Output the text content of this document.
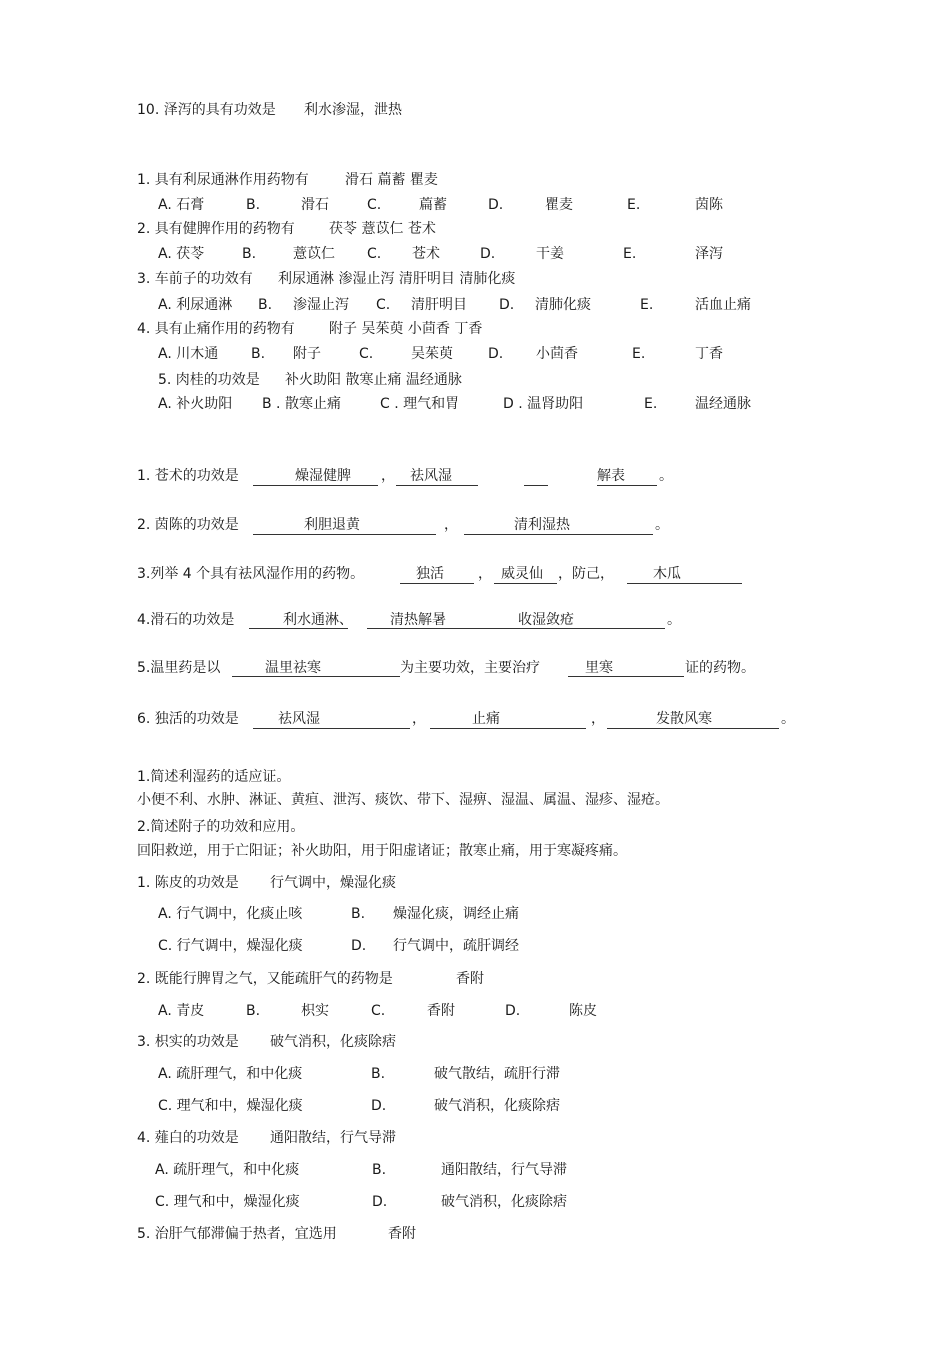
10. 泽泻的具有功效是 利水渗湿，泄热
1. 具有利尿通淋作用药物有	滑石 萹蓄 瞿麦
A. 石膏	B.	滑石	C.	萹蓄	D.	瞿麦	E.	茵陈
2. 具有健脾作用的药物有 茯苓 薏苡仁 苍术
A. 茯苓	B.	薏苡仁 C. 苍术	D.	干姜	E.	泽泻
3. 车前子的功效有 利尿通淋 渗湿止泻 清肝明目 清肺化痰
A. 利尿通淋 B. 渗湿止泻 C. 清肝明目 D. 清肺化痰	E.	活血止痛
4. 具有止痛作用的药物有 附子 吴茱萸 小茴香 丁香
A. 川木通 B. 附子	C.	吴茱萸	D. 小茴香	E.	丁香
5. 肉桂的功效是 补火助阳 散寒止痛 温经通脉
A. 补火助阳 B . 散寒止痛	C . 理气和胃	D . 温肾助阳	E.	温经通脉
1. 苍术的功效是	燥湿健脾 ， 祛风湿	解表 。
2. 茵陈的功效是	利胆退黄	，	清利湿热	。
3.列举 4 个具有祛风湿作用的药物。	独活 ， 威灵仙 ，防己，	木瓜
4.滑石的功效是	利水通淋、	清热解暑	收湿敛疮	。
5.温里药是以	温里祛寒	为主要功效，主要治疗	里寒	证的药物。
6. 独活的功效是	祛风湿	，	止痛	，	发散风寒	。
1.简述利湿药的适应证。
小便不利、水肿、淋证、黄疸、泄泻、痰饮、带下、湿痹、湿温、属温、湿疹、湿疮。
2.简述附子的功效和应用。
回阳救逆，用于亡阳证；补火助阳，用于阳虚诸证；散寒止痛，用于寒凝疼痛。
1. 陈皮的功效是 行气调中，燥湿化痰
A. 行气调中，化痰止咳	B. 燥湿化痰，调经止痛
C. 行气调中，燥湿化痰	D. 行气调中，疏肝调经
2. 既能行脾胃之气，又能疏肝气的药物是	香附
A. 青皮	B.	枳实	C.	香附	D.	陈皮
3. 枳实的功效是 破气消积，化痰除痞
A. 疏肝理气，和中化痰	B.	破气散结，疏肝行滞
C. 理气和中，燥湿化痰	D.	破气消积，化痰除痞
4. 薤白的功效是 通阳散结，行气导滞
A. 疏肝理气，和中化痰	B.	通阳散结，行气导滞
C. 理气和中，燥湿化痰	D.	破气消积，化痰除痞
5. 治肝气郁滞偏于热者，宜选用	香附
